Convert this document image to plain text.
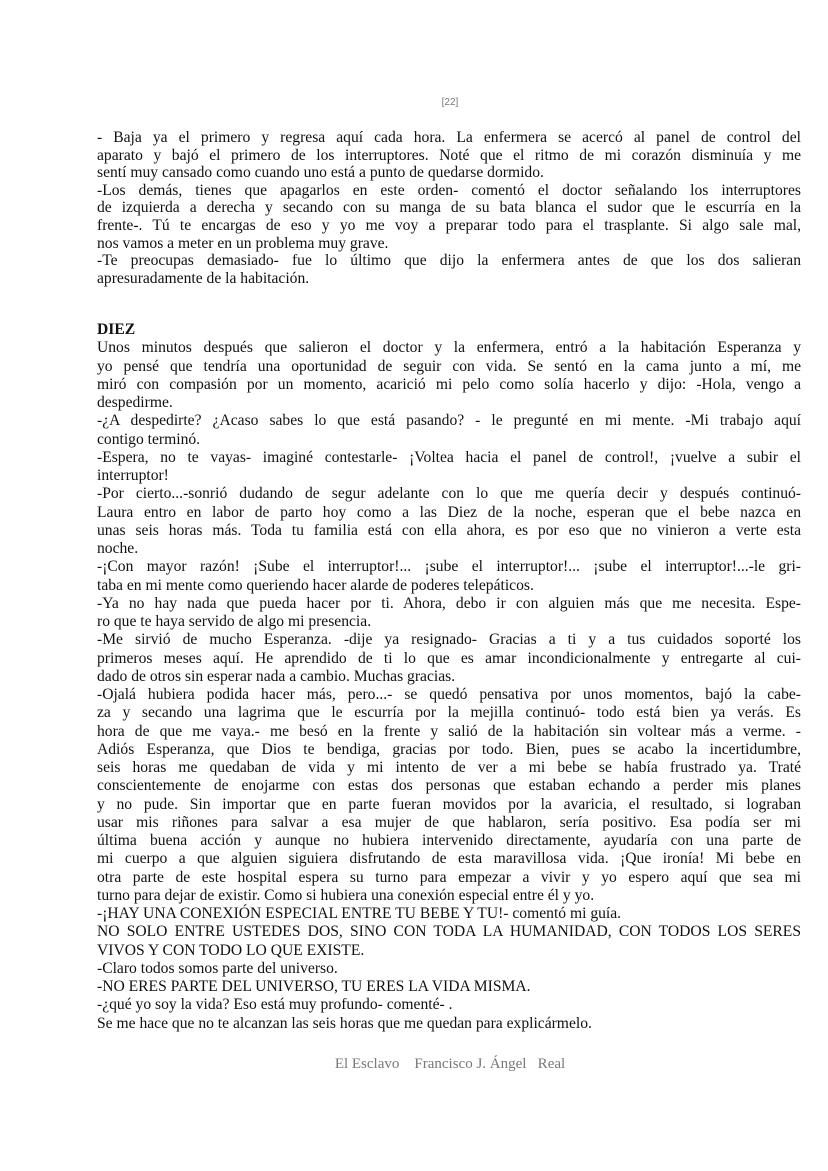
[22]
- Baja ya el primero y regresa aquí cada hora. La enfermera se acercó al panel de control del
aparato y bajó el primero de los interruptores. Noté que el ritmo de mi corazón disminuía y me
sentí muy cansado como cuando uno está a punto de quedarse dormido.
-Los demás, tienes que apagarlos en este orden- comentó el doctor señalando los interruptores
de izquierda a derecha y secando con su manga de su bata blanca el sudor que le escurría en la
frente-. Tú te encargas de eso y yo me voy a preparar todo para el trasplante. Si algo sale mal,
nos vamos a meter en un problema muy grave.
-Te preocupas demasiado- fue lo último que dijo la enfermera antes de que los dos salieran
apresuradamente de la habitación.
DIEZ
Unos minutos después que salieron el doctor y la enfermera, entró a la habitación Esperanza y
yo pensé que tendría una oportunidad de seguir con vida. Se sentó en la cama junto a mí, me
miró con compasión por un momento, acarició mi pelo como solía hacerlo y dijo: -Hola, vengo a
despedirme.
-¿A despedirte? ¿Acaso sabes lo que está pasando? - le pregunté en mi mente. -Mi trabajo aquí
contigo terminó.
-Espera, no te vayas- imaginé contestarle- ¡Voltea hacia el panel de control!, ¡vuelve a subir el
interruptor!
-Por cierto...-sonrió dudando de segur adelante con lo que me quería decir y después continuó-
Laura entro en labor de parto hoy como a las Diez de la noche, esperan que el bebe nazca en
unas seis horas más. Toda tu familia está con ella ahora, es por eso que no vinieron a verte esta
noche.
-¡Con mayor razón! ¡Sube el interruptor!... ¡sube el interruptor!... ¡sube el interruptor!...-le gri-
taba en mi mente como queriendo hacer alarde de poderes telepáticos.
-Ya no hay nada que pueda hacer por ti. Ahora, debo ir con alguien más que me necesita. Espe-
ro que te haya servido de algo mi presencia.
-Me sirvió de mucho Esperanza. -dije ya resignado- Gracias a ti y a tus cuidados soporté los
primeros meses aquí. He aprendido de ti lo que es amar incondicionalmente y entregarte al cui-
dado de otros sin esperar nada a cambio. Muchas gracias.
-Ojalá hubiera podida hacer más, pero...- se quedó pensativa por unos momentos, bajó la cabe-
za y secando una lagrima que le escurría por la mejilla continuó- todo está bien ya verás. Es
hora de que me vaya.- me besó en la frente y salió de la habitación sin voltear más a verme. -
Adiós Esperanza, que Dios te bendiga, gracias por todo. Bien, pues se acabo la incertidumbre,
seis horas me quedaban de vida y mi intento de ver a mi bebe se había frustrado ya. Traté
conscientemente de enojarme con estas dos personas que estaban echando a perder mis planes
y no pude. Sin importar que en parte fueran movidos por la avaricia, el resultado, si lograban
usar mis riñones para salvar a esa mujer de que hablaron, sería positivo. Esa podía ser mi
última buena acción y aunque no hubiera intervenido directamente, ayudaría con una parte de
mi cuerpo a que alguien siguiera disfrutando de esta maravillosa vida. ¡Que ironía! Mi bebe en
otra parte de este hospital espera su turno para empezar a vivir y yo espero aquí que sea mi
turno para dejar de existir. Como si hubiera una conexión especial entre él y yo.
-¡HAY UNA CONEXIÓN ESPECIAL ENTRE TU BEBE Y TU!- comentó mi guía.
NO SOLO ENTRE USTEDES DOS, SINO CON TODA LA HUMANIDAD, CON TODOS LOS SERES
VIVOS Y CON TODO LO QUE EXISTE.
-Claro todos somos parte del universo.
-NO ERES PARTE DEL UNIVERSO, TU ERES LA VIDA MISMA.
-¿qué yo soy la vida? Eso está muy profundo- comenté- .
Se me hace que no te alcanzan las seis horas que me quedan para explicármelo.
El Esclavo    Francisco J. Ángel   Real
